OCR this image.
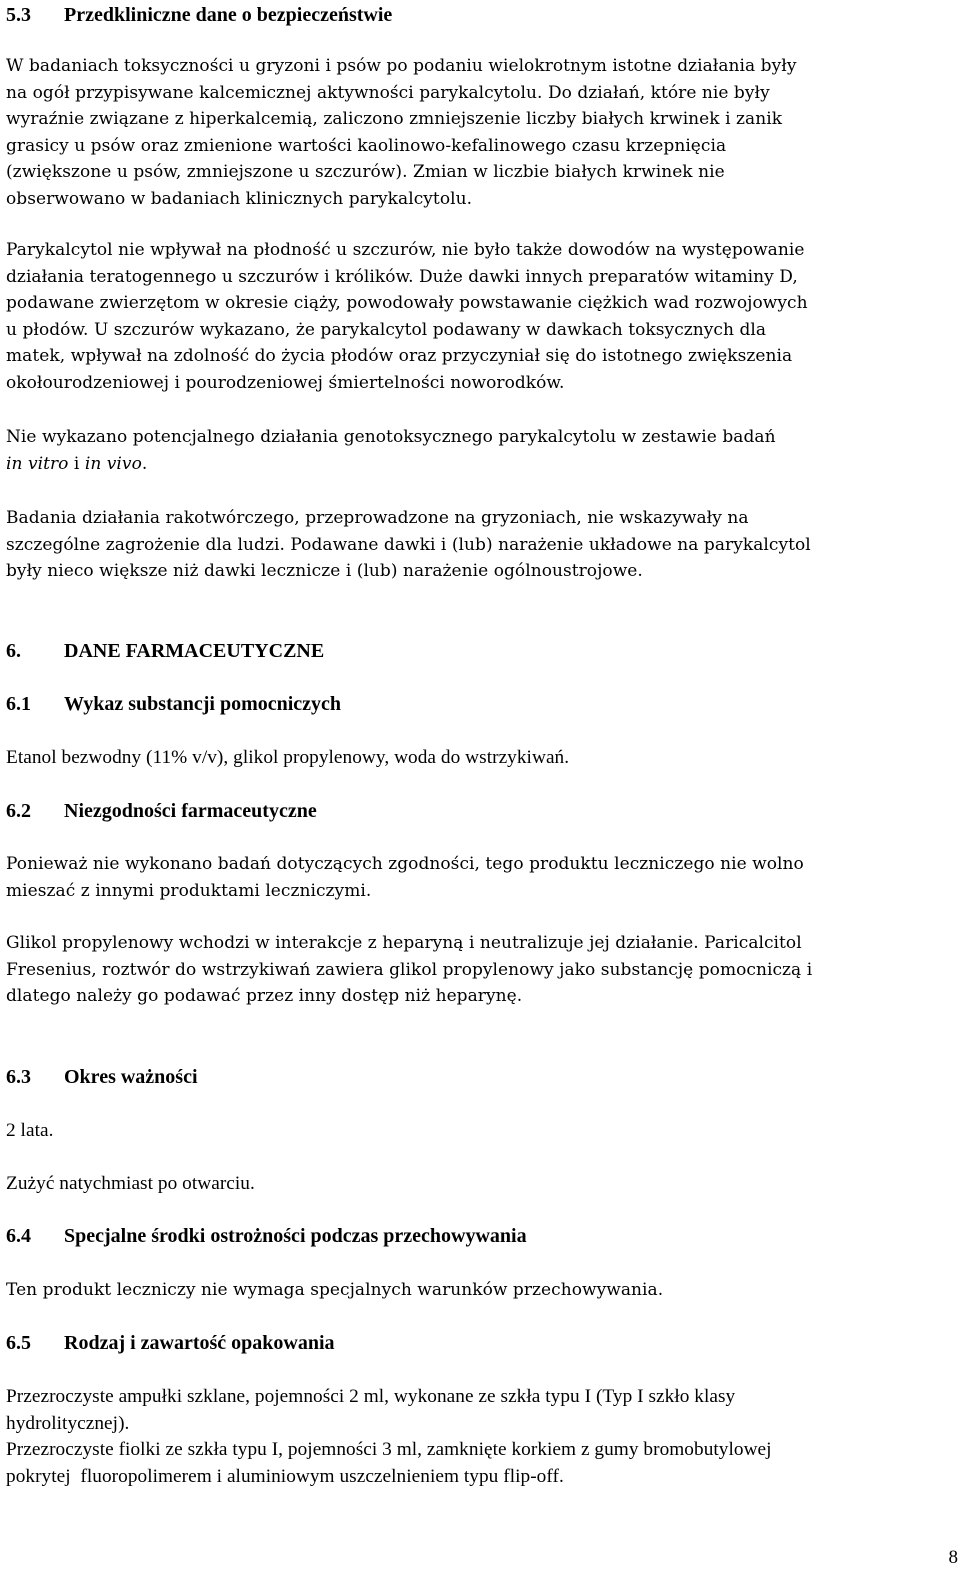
5.3 Przedkliniczne dane o bezpieczeństwie
W badaniach toksyczności u gryzoni i psów po podaniu wielokrotnym istotne działania były
na ogół przypisywane kalcemicznej aktywności parykalcytolu. Do działań, które nie były
wyraźnie związane z hiperkalcemią, zaliczono zmniejszenie liczby białych krwinek i zanik
grasicy u psów oraz zmienione wartości kaolinowo-kefalinowego czasu krzepnięcia
(zwiększone u psów, zmniejszone u szczurów). Zmian w liczbie białych krwinek nie
obserwowano w badaniach klinicznych parykalcytolu.
Parykalcytol nie wpływał na płodność u szczurów, nie było także dowodów na występowanie
działania teratogennego u szczurów i królików. Duże dawki innych preparatów witaminy D,
podawane zwierzętom w okresie ciąży, powodowały powstawanie ciężkich wad rozwojowych
u płodów. U szczurów wykazano, że parykalcytol podawany w dawkach toksycznych dla
matek, wpływał na zdolność do życia płodów oraz przyczyniał się do istotnego zwiększenia
okołourodzeniowej i pourodzeniowej śmiertelności noworodków.
Nie wykazano potencjalnego działania genotoksycznego parykalcytolu w zestawie badań
in vitro i in vivo.
Badania działania rakotwórczego, przeprowadzone na gryzoniach, nie wskazywały na
szczególne zagrożenie dla ludzi. Podawane dawki i (lub) narażenie układowe na parykalcytol
były nieco większe niż dawki lecznicze i (lub) narażenie ogólnoustrojowe.
6. DANE FARMACEUTYCZNE
6.1 Wykaz substancji pomocniczych
Etanol bezwodny (11% v/v), glikol propylenowy, woda do wstrzykiwań.
6.2 Niezgodności farmaceutyczne
Ponieważ nie wykonano badań dotyczących zgodności, tego produktu leczniczego nie wolno
mieszać z innymi produktami leczniczymi.
Glikol propylenowy wchodzi w interakcje z heparyną i neutralizuje jej działanie. Paricalcitol
Fresenius, roztwór do wstrzykiwań zawiera glikol propylenowy jako substancję pomocniczą i
dlatego należy go podawać przez inny dostęp niż heparynę.
6.3 Okres ważności
2 lata.
Zużyć natychmiast po otwarciu.
6.4 Specjalne środki ostrożności podczas przechowywania
Ten produkt leczniczy nie wymaga specjalnych warunków przechowywania.
6.5 Rodzaj i zawartość opakowania
Przezroczyste ampułki szklane, pojemności 2 ml, wykonane ze szkła typu I (Typ I szkło klasy
hydrolitycznej).
Przezroczyste fiolki ze szkła typu I, pojemności 3 ml, zamknięte korkiem z gumy bromobutylowej
pokrytej  fluoropolimerem i aluminiowym uszczelnieniem typu flip-off.
8
